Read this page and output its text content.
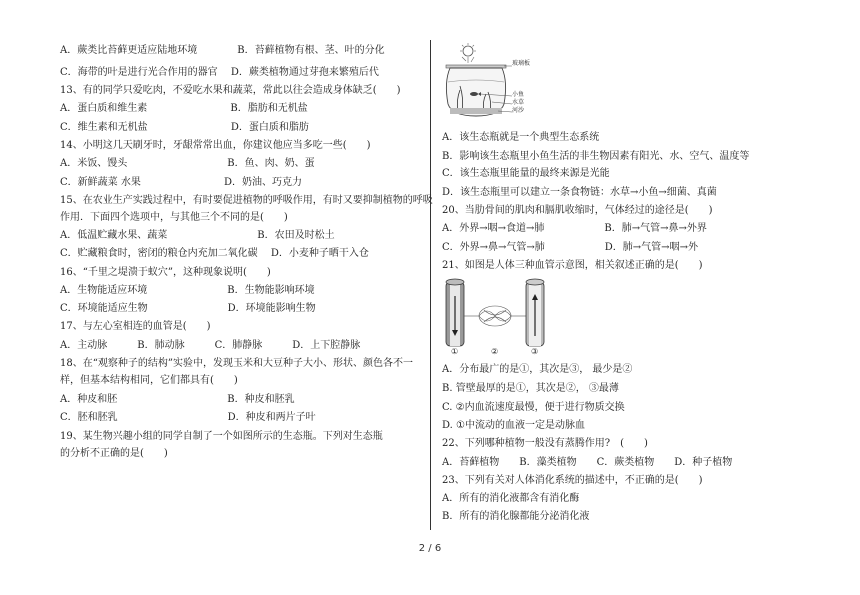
A．蕨类比苔藓更适应陆地环境　　　　B．苔藓植物有根、茎、叶的分化
C．海带的叶是进行光合作用的器官　 D．蕨类植物通过芽孢来繁殖后代
13、有的同学只爱吃肉，不爱吃水果和蔬菜，常此以往会造成身体缺乏(　　)
A．蛋白质和维生素　　　　　　　　 B．脂肪和无机盐
C．维生素和无机盐　　　　　　　　 D．蛋白质和脂肪
14、小明这几天刷牙时，牙龈常常出血，你建议他应当多吃一些(　　)
A．米饭、馒头　　　　　　　　　　B．鱼、肉、奶、蛋
C．新鲜蔬菜 水果　　　　　　　　 D．奶油、巧克力
15、在农业生产实践过程中，有时要促进植物的呼吸作用，有时又要抑制植物的呼吸
作用．下面四个选项中，与其他三个不同的是(　　)
A．低温贮藏水果、蔬菜　　　　　　　　　B．农田及时松土
C．贮藏粮食时，密闭的粮仓内充加二氧化碳　 D．小麦种子晒干入仓
16、“千里之堤溃于蚁穴”，这种现象说明(　　)
A．生物能适应环境　　　　　　　　B．生物能影响环境
C．环境能适应生物　　　　　　　　D．环境能影响生物
17、与左心室相连的血管是(　　)
A．主动脉　　　B．肺动脉　　　C．肺静脉　　　D．上下腔静脉
18、在“观察种子的结构”实验中，发现玉米和大豆种子大小、形状、颜色各不一
样，但基本结构相同，它们都具有(　　)
A．种皮和胚　　　　　　　　　　　B．种皮和胚乳
C．胚和胚乳　　　　　　　　　　　D．种皮和两片子叶
19、某生物兴趣小组的同学自制了一个如图所示的生态瓶。下列对生态瓶
的分析不正确的是(　　)
玻璃板
小鱼
水草
河沙
A．该生态瓶就是一个典型生态系统
B．影响该生态瓶里小鱼生活的非生物因素有阳光、水、空气、温度等
C．该生态瓶里能量的最终来源是光能
D．该生态瓶里可以建立一条食物链：水草→小鱼→细菌、真菌
20、当肋骨间的肌肉和膈肌收缩时，气体经过的途径是(　　)
A．外界→咽→食道→肺　　　　　　B．肺→气管→鼻→外界
C．外界→鼻→气管→肺　　　　　　D．肺→气管→咽→外
21、如图是人体三种血管示意图，相关叙述正确的是(　　)
①	②	③
A．分布最广的是①，其次是③， 最少是②
B. 管壁最厚的是①，其次是②， ③最薄
C. ②内血流速度最慢，便于进行物质交换
D. ①中流动的血液一定是动脉血
22、下列哪种植物一般没有蒸腾作用?　(　　)
A．苔藓植物　　B．藻类植物　　C．蕨类植物　　D．种子植物
23、下列有关对人体消化系统的描述中，不正确的是(　　)
A．所有的消化液都含有消化酶
B．所有的消化腺都能分泌消化液
2 / 6
